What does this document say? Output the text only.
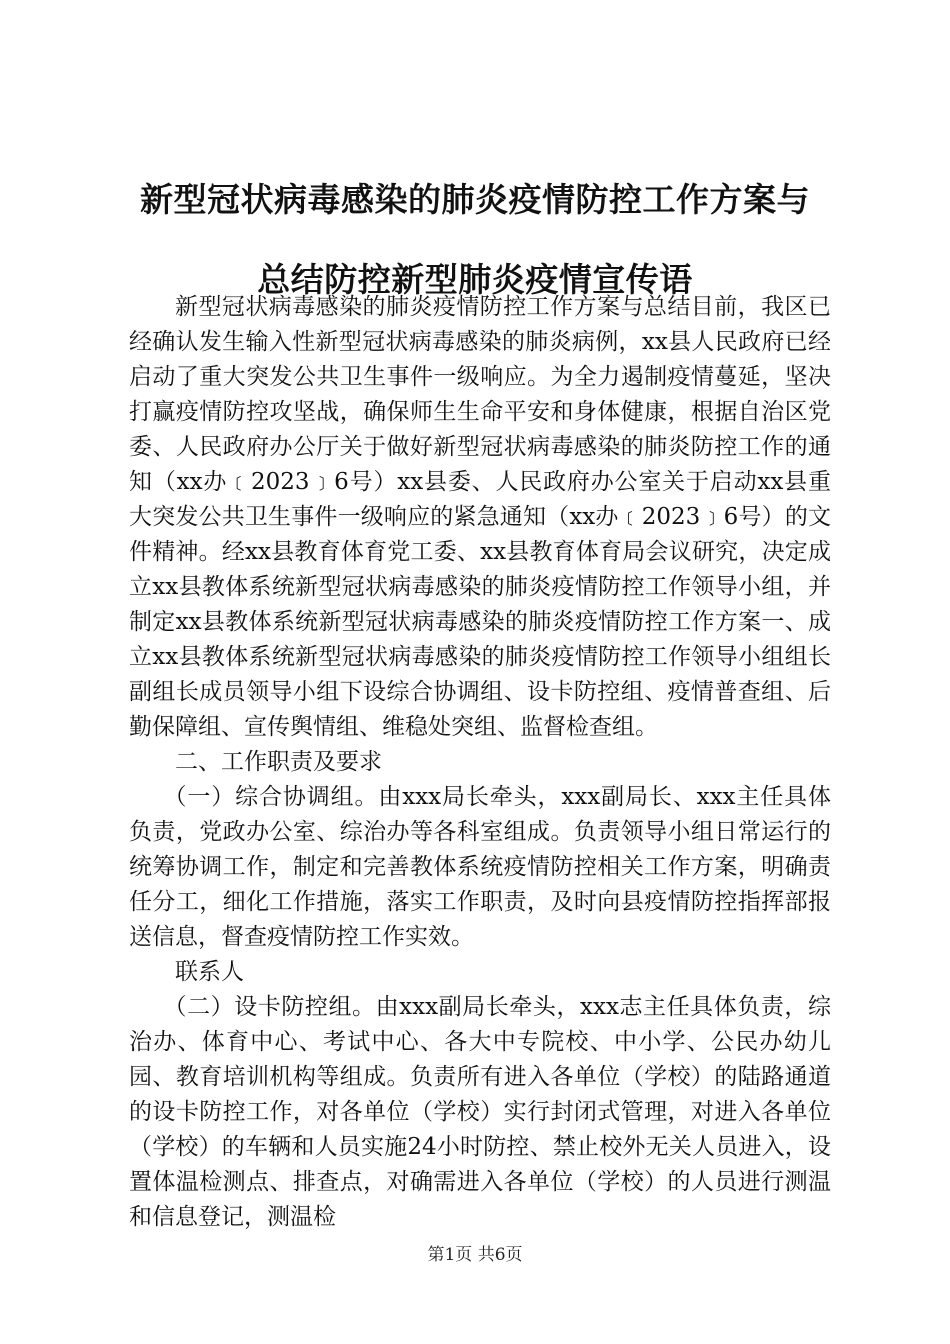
新型冠状病毒感染的肺炎疫情防控工作方案与
总结防控新型肺炎疫情宣传语

新型冠状病毒感染的肺炎疫情防控工作方案与总结目前，我区已经确认发生输入性新型冠状病毒感染的肺炎病例，xx县人民政府已经启动了重大突发公共卫生事件一级响应。为全力遏制疫情蔓延，坚决打赢疫情防控攻坚战，确保师生生命平安和身体健康，根据自治区党委、人民政府办公厅关于做好新型冠状病毒感染的肺炎防控工作的通知（xx办﹝2023﹞6号）xx县委、人民政府办公室关于启动xx县重大突发公共卫生事件一级响应的紧急通知（xx办﹝2023﹞6号）的文件精神。经xx县教育体育党工委、xx县教育体育局会议研究，决定成立xx县教体系统新型冠状病毒感染的肺炎疫情防控工作领导小组，并制定xx县教体系统新型冠状病毒感染的肺炎疫情防控工作方案一、成立xx县教体系统新型冠状病毒感染的肺炎疫情防控工作领导小组组长副组长成员领导小组下设综合协调组、设卡防控组、疫情普查组、后勤保障组、宣传舆情组、维稳处突组、监督检查组。

二、工作职责及要求

（一）综合协调组。由xxx局长牵头，xxx副局长、xxx主任具体负责，党政办公室、综治办等各科室组成。负责领导小组日常运行的统筹协调工作，制定和完善教体系统疫情防控相关工作方案，明确责任分工，细化工作措施，落实工作职责，及时向县疫情防控指挥部报送信息，督查疫情防控工作实效。

联系人

（二）设卡防控组。由xxx副局长牵头，xxx志主任具体负责，综治办、体育中心、考试中心、各大中专院校、中小学、公民办幼儿园、教育培训机构等组成。负责所有进入各单位（学校）的陆路通道的设卡防控工作，对各单位（学校）实行封闭式管理，对进入各单位（学校）的车辆和人员实施24小时防控、禁止校外无关人员进入，设置体温检测点、排查点，对确需进入各单位（学校）的人员进行测温和信息登记，测温检

第1页 共6页
